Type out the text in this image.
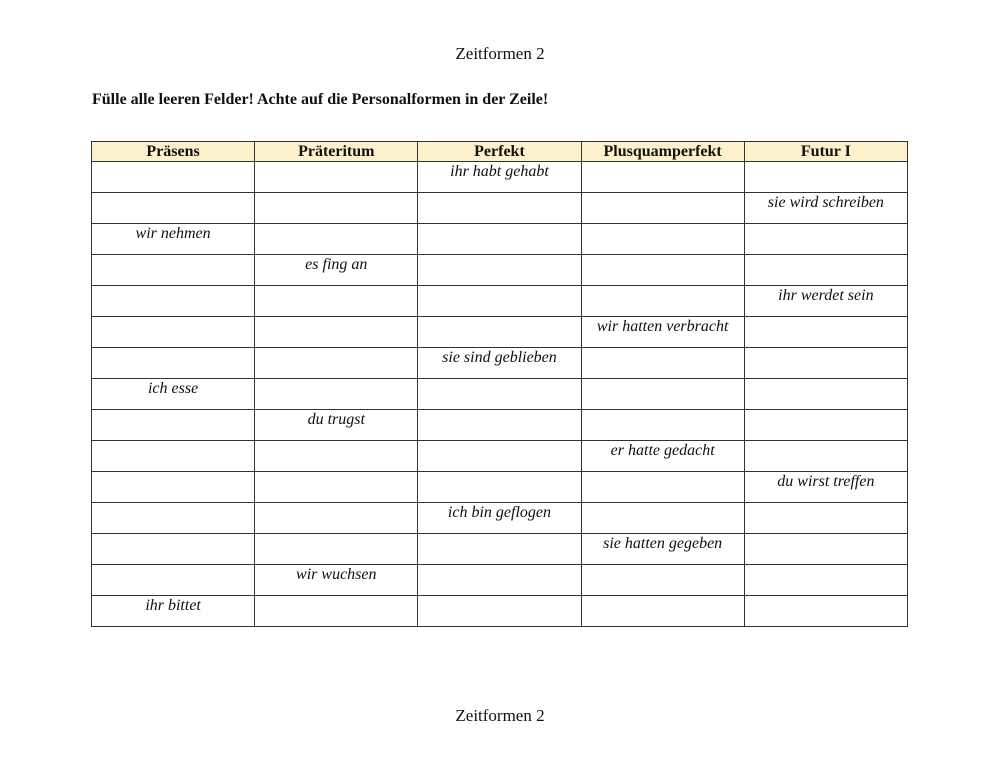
Zeitformen 2
Fülle alle leeren Felder! Achte auf die Personalformen in der Zeile!
Präsens	Präteritum	Perfekt	Plusquamperfekt	Futur I
		ihr habt gehabt		
				sie wird schreiben
wir nehmen				
	es fing an			
				ihr werdet sein
			wir hatten verbracht	
		sie sind geblieben		
ich esse				
	du trugst			
			er hatte gedacht	
				du wirst treffen
		ich bin geflogen		
			sie hatten gegeben	
	wir wuchsen			
ihr bittet				
Zeitformen 2
